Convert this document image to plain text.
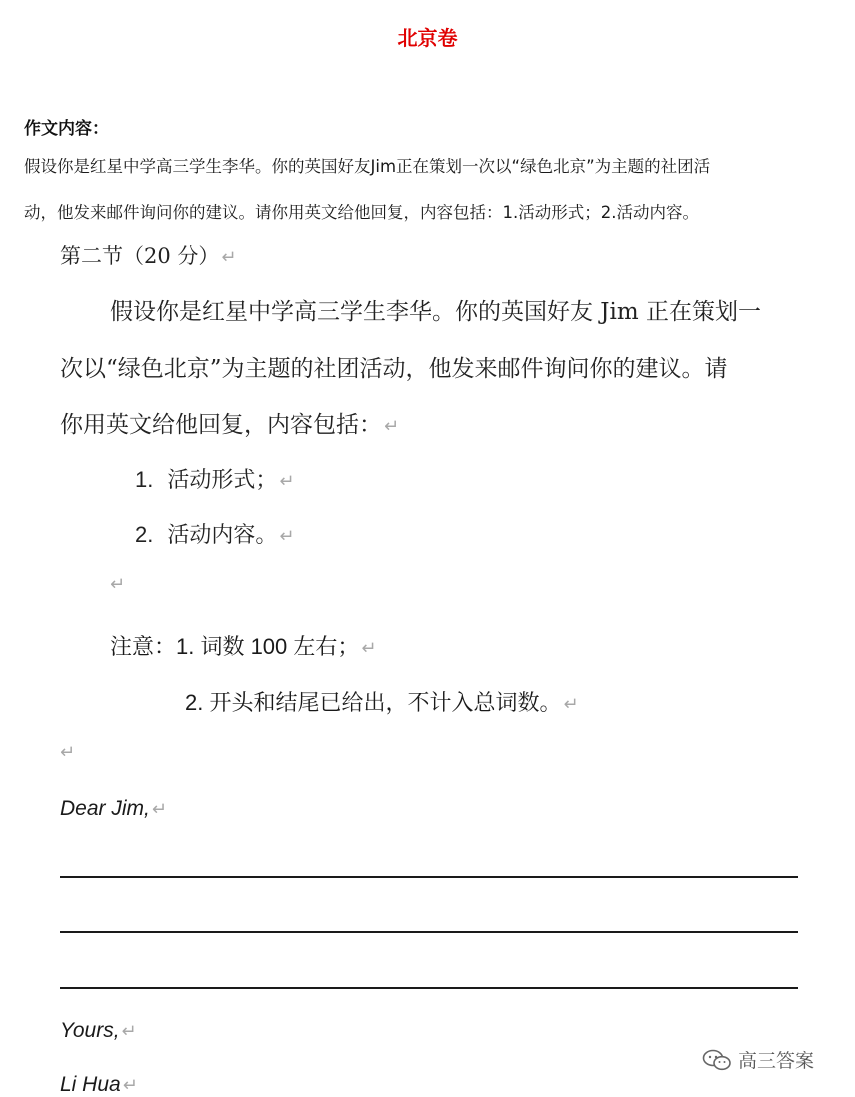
北京卷
作文内容：
假设你是红星中学高三学生李华。你的英国好友Jim正在策划一次以“绿色北京”为主题的社团活
动，他发来邮件询问你的建议。请你用英文给他回复，内容包括：1.活动形式；2.活动内容。
第二节（20 分） ↵
假设你是红星中学高三学生李华。你的英国好友 Jim 正在策划一
次以“绿色北京”为主题的社团活动，他发来邮件询问你的建议。请
你用英文给他回复，内容包括： ↵
1. 活动形式； ↵
2. 活动内容。 ↵
↵
注意：1. 词数 100 左右； ↵
2. 开头和结尾已给出，不计入总词数。 ↵
↵
Dear Jim, ↵
Yours, ↵
Li Hua ↵
高三答案
